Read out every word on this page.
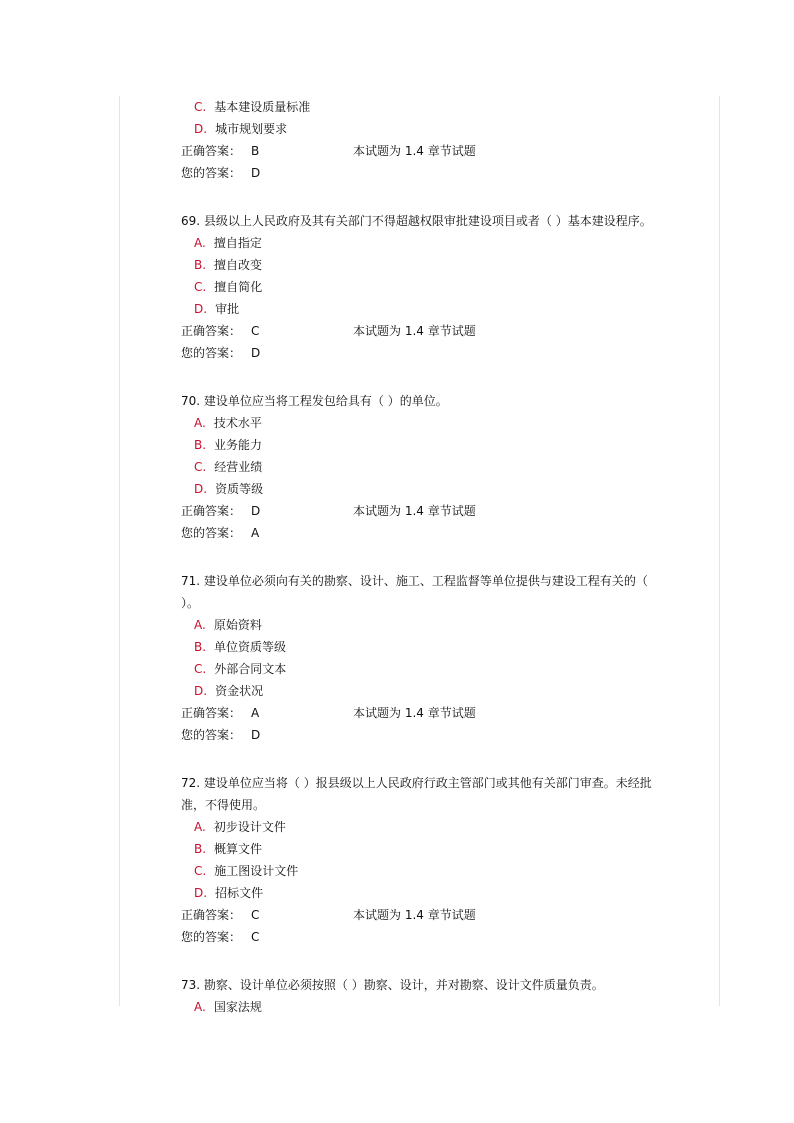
C. 基本建设质量标准
D. 城市规划要求
正确答案： B	本试题为 1.4 章节试题
您的答案： D
69. 县级以上人民政府及其有关部门不得超越权限审批建设项目或者（ ）基本建设程序。
A. 擅自指定
B. 擅自改变
C. 擅自简化
D. 审批
正确答案： C	本试题为 1.4 章节试题
您的答案： D
70. 建设单位应当将工程发包给具有（ ）的单位。
A. 技术水平
B. 业务能力
C. 经营业绩
D. 资质等级
正确答案： D	本试题为 1.4 章节试题
您的答案： A
71. 建设单位必须向有关的勘察、设计、施工、工程监督等单位提供与建设工程有关的（ ）。
A. 原始资料
B. 单位资质等级
C. 外部合同文本
D. 资金状况
正确答案： A	本试题为 1.4 章节试题
您的答案： D
72. 建设单位应当将（ ）报县级以上人民政府行政主管部门或其他有关部门审查。未经批准，不得使用。
A. 初步设计文件
B. 概算文件
C. 施工图设计文件
D. 招标文件
正确答案： C	本试题为 1.4 章节试题
您的答案： C
73. 勘察、设计单位必须按照（ ）勘察、设计，并对勘察、设计文件质量负责。
A. 国家法规
